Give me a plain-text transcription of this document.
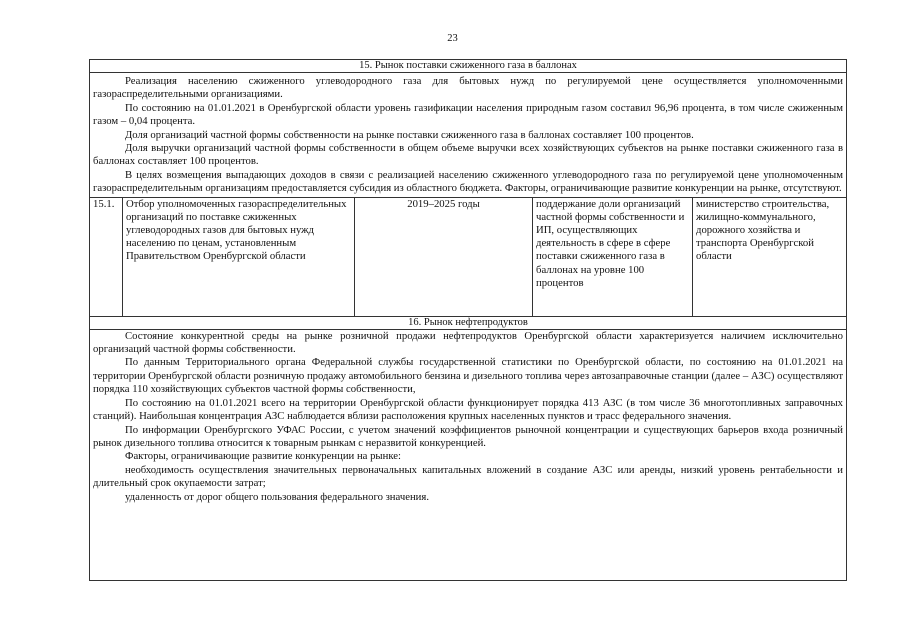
23
15. Рынок поставки сжиженного газа в баллонах

Реализация населению сжиженного углеводородного газа для бытовых нужд по регулируемой цене осуществляется уполномоченными газораспределительными организациями.

По состоянию на 01.01.2021 в Оренбургской области уровень газификации населения природным газом составил 96,96 процента, в том числе сжиженным газом – 0,04 процента.

Доля организаций частной формы собственности на рынке поставки сжиженного газа в баллонах составляет 100 процентов.

Доля выручки организаций частной формы собственности в общем объеме выручки всех хозяйствующих субъектов на рынке поставки сжиженного газа в баллонах составляет 100 процентов.

В целях возмещения выпадающих доходов в связи с реализацией населению сжиженного углеводородного газа по регулируемой цене уполномоченным газораспределительным организациям предоставляется субсидия из областного бюджета. Факторы, ограничивающие развитие конкуренции на рынке, отсутствуют.

15.1.	Отбор уполномоченных газораспределительных организаций по поставке сжиженных углеводородных газов для бытовых нужд населению по ценам, установленным Правительством Оренбургской области
2019–2025 годы	поддержание доли организаций частной формы собственности и ИП, осуществляющих деятельность в сфере в сфере поставки сжиженного газа в баллонах на уровне 100 процентов
министерство строительства, жилищно-коммунального, дорожного хозяйства и транспорта Оренбургской области
16. Рынок нефтепродуктов

Состояние конкурентной среды на рынке розничной продажи нефтепродуктов Оренбургской области характеризуется наличием исключительно организаций частной формы собственности.

По данным Территориального органа Федеральной службы государственной статистики по Оренбургской области, по состоянию на 01.01.2021 на территории Оренбургской области розничную продажу автомобильного бензина и дизельного топлива через автозаправочные станции (далее – АЗС) осуществляют порядка 110 хозяйствующих субъектов частной формы собственности,

По состоянию на 01.01.2021 всего на территории Оренбургской области функционирует порядка 413 АЗС (в том числе 36 многотопливных заправочных станций). Наибольшая концентрация АЗС наблюдается вблизи расположения крупных населенных пунктов и трасс федерального значения.

По информации Оренбургского УФАС России, с учетом значений коэффициентов рыночной концентрации и существующих барьеров входа розничный рынок дизельного топлива относится к товарным рынкам с неразвитой конкуренцией.

Факторы, ограничивающие развитие конкуренции на рынке:

необходимость осуществления значительных первоначальных капитальных вложений в создание АЗС или аренды, низкий уровень рентабельности и длительный срок окупаемости затрат;

удаленность от дорог общего пользования федерального значения.
